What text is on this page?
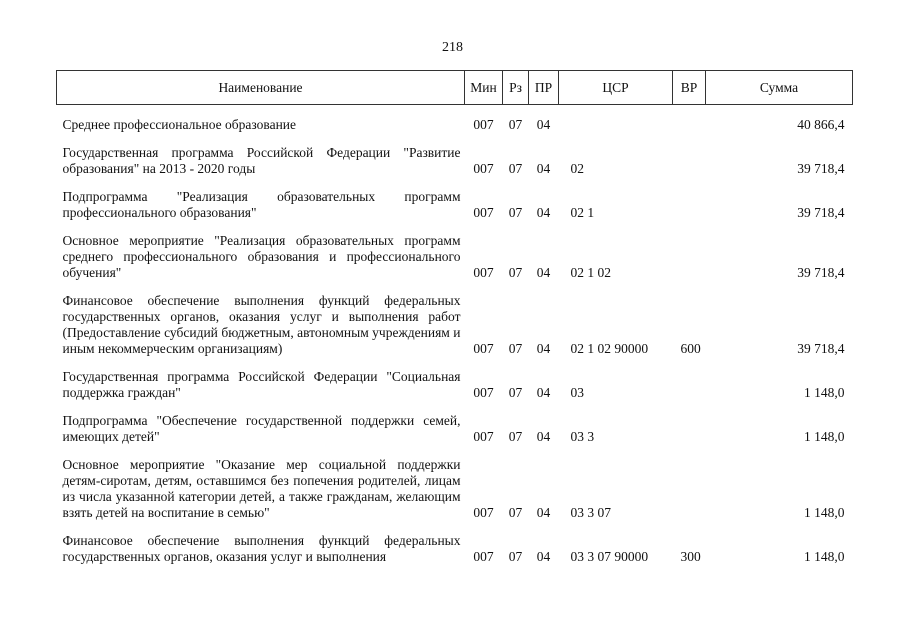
218
Наименование	Мин	Рз	ПР	ЦСР	ВР	Сумма

Среднее профессиональное образование	007	07	04			40 866,4

Государственная программа Российской Федерации "Развитие образования" на 2013 - 2020 годы	007	07	04	02		39 718,4

Подпрограмма "Реализация образовательных программ профессионального образования"	007	07	04	02 1		39 718,4

Основное мероприятие "Реализация образовательных программ среднего профессионального образования и профессионального обучения"	007	07	04	02 1 02		39 718,4

Финансовое обеспечение выполнения функций федеральных государственных органов, оказания услуг и выполнения работ (Предоставление субсидий бюджетным, автономным учреждениям и иным некоммерческим организациям)	007	07	04	02 1 02 90000	600	39 718,4

Государственная программа Российской Федерации "Социальная поддержка граждан"	007	07	04	03		1 148,0

Подпрограмма "Обеспечение государственной поддержки семей, имеющих детей"	007	07	04	03 3		1 148,0

Основное мероприятие "Оказание мер социальной поддержки детям-сиротам, детям, оставшимся без попечения родителей, лицам из числа указанной категории детей, а также гражданам, желающим взять детей на воспитание в семью"	007	07	04	03 3 07		1 148,0

Финансовое обеспечение выполнения функций федеральных государственных органов, оказания услуг и выполнения	007	07	04	03 3 07 90000	300	1 148,0
